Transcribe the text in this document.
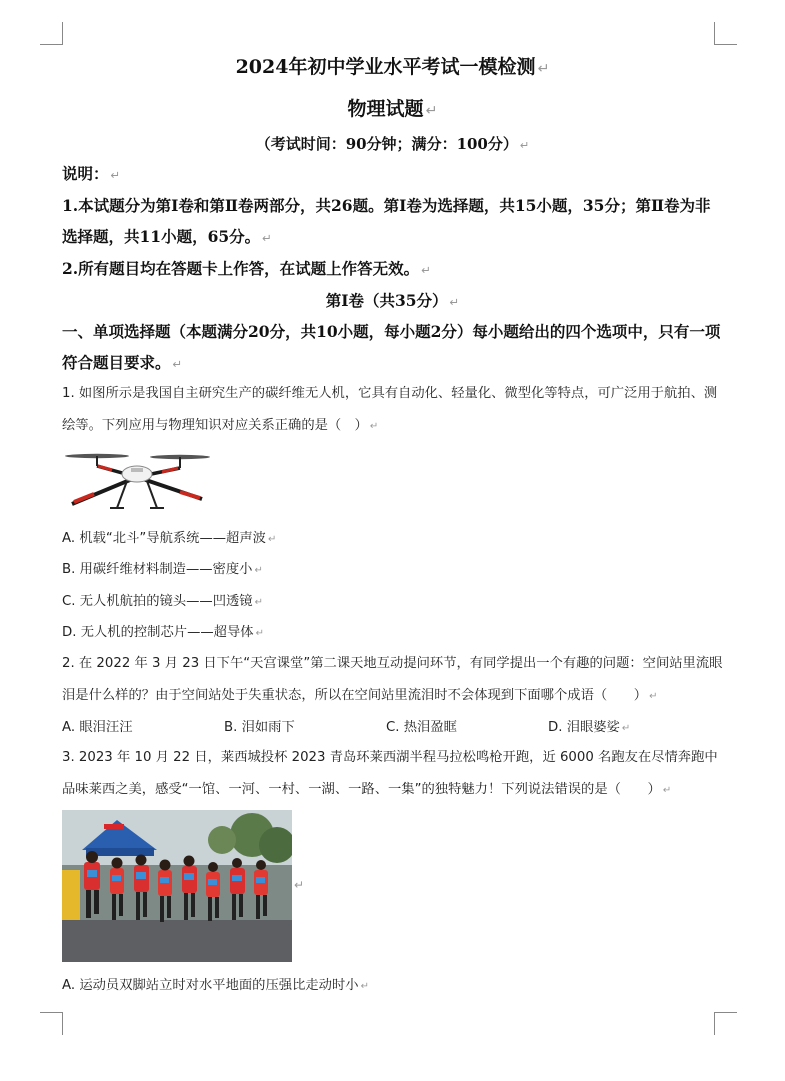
2024年初中学业水平考试一模检测 ↵
物理试题 ↵
（考试时间：90分钟；满分：100分） ↵
说明： ↵
1.本试题分为第Ⅰ卷和第Ⅱ卷两部分，共26题。第Ⅰ卷为选择题，共15小题，35分；第Ⅱ卷为非选择题，共11小题，65分。 ↵
2.所有题目均在答题卡上作答，在试题上作答无效。 ↵
第Ⅰ卷（共35分） ↵
一、单项选择题（本题满分20分，共10小题，每小题2分）每小题给出的四个选项中，只有一项符合题目要求。 ↵
1. 如图所示是我国自主研究生产的碳纤维无人机，它具有自动化、轻量化、微型化等特点，可广泛用于航拍、测绘等。下列应用与物理知识对应关系正确的是（　） ↵
A. 机载“北斗”导航系统——超声波 ↵
B. 用碳纤维材料制造——密度小 ↵
C. 无人机航拍的镜头——凹透镜 ↵
D. 无人机的控制芯片——超导体 ↵
2. 在 2022 年 3 月 23 日下午“天宫课堂”第二课天地互动提问环节，有同学提出一个有趣的问题：空间站里流眼泪是什么样的？由于空间站处于失重状态，所以在空间站里流泪时不会体现到下面哪个成语（　　） ↵
A. 眼泪汪汪	B. 泪如雨下	C. 热泪盈眶	D. 泪眼婆娑 ↵
3. 2023 年 10 月 22 日，莱西城投杯 2023 青岛环莱西湖半程马拉松鸣枪开跑，近 6000 名跑友在尽情奔跑中品味莱西之美，感受“一馆、一河、一村、一湖、一路、一集”的独特魅力！下列说法错误的是（　　） ↵
↵
A. 运动员双脚站立时对水平地面的压强比走动时小 ↵
